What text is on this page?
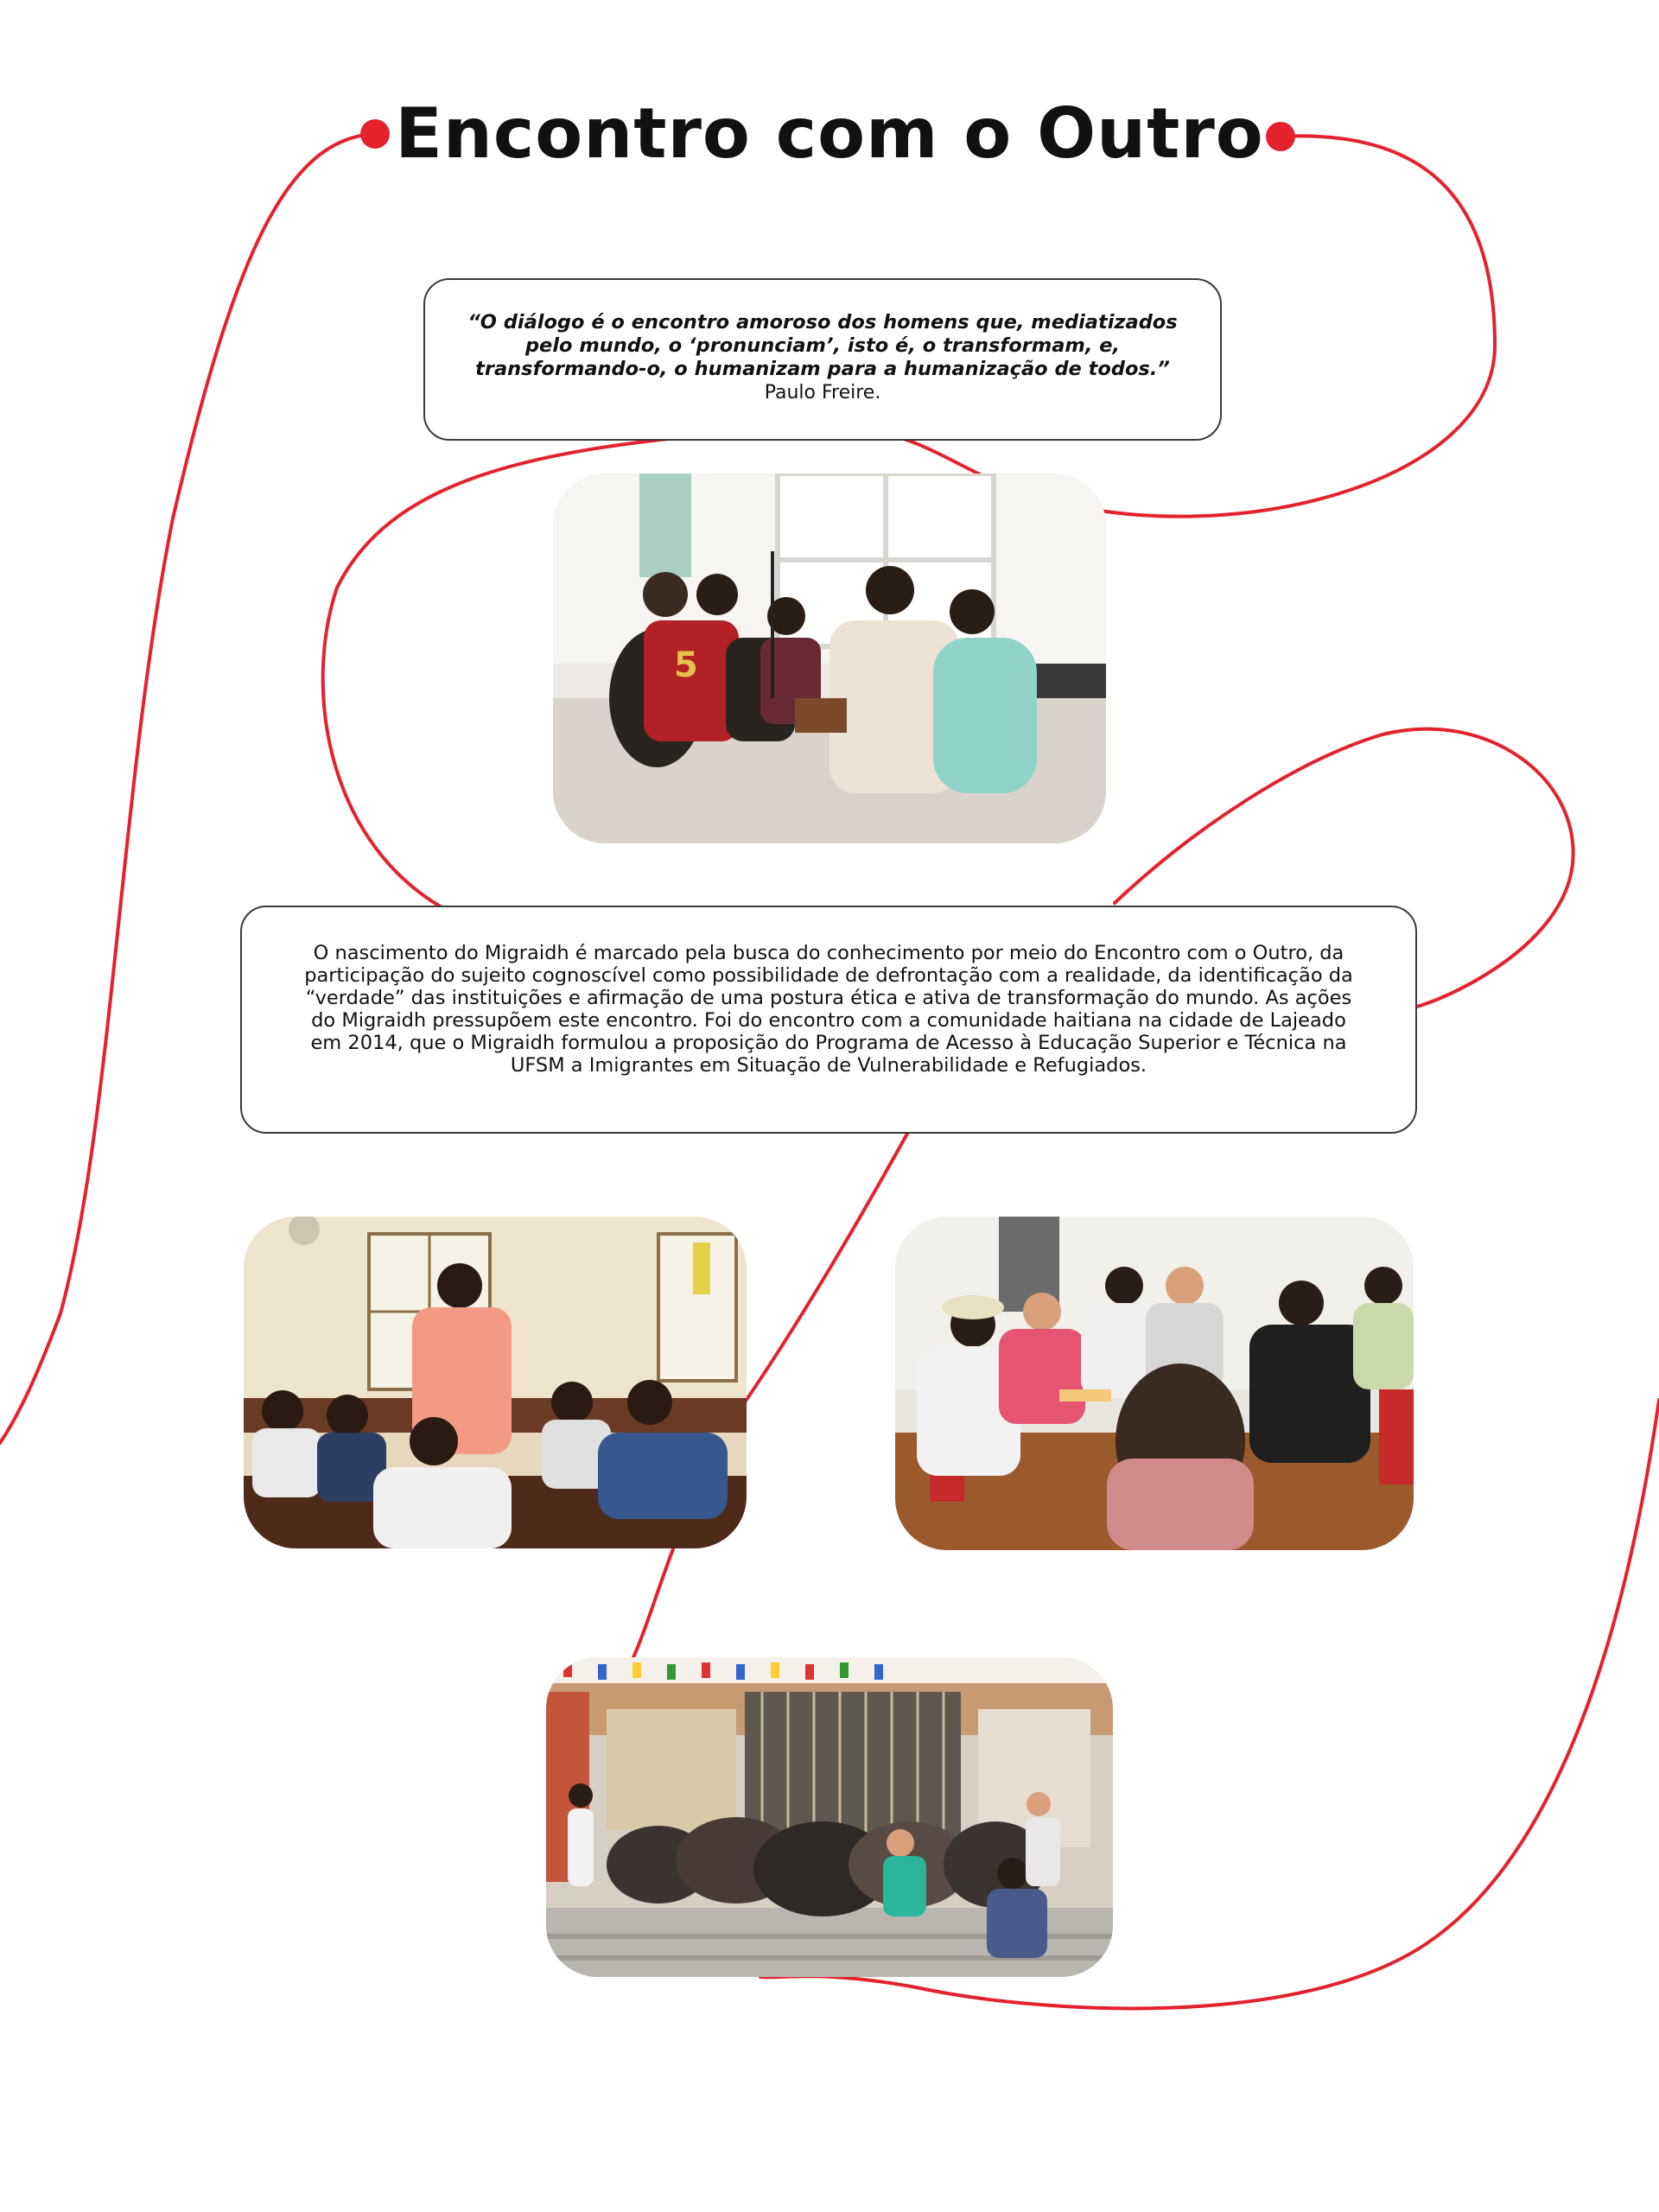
Encontro com o Outro
“O diálogo é o encontro amoroso dos homens que, mediatizados pelo mundo, o ‘pronunciam’, isto é, o transformam, e, transformando-o, o humanizam para a humanização de todos.”
Paulo Freire.
5
O nascimento do Migraidh é marcado pela busca do conhecimento por meio do Encontro com o Outro, da participação do sujeito cognoscível como possibilidade de defrontação com a realidade, da identificação da “verdade” das instituições e afirmação de uma postura ética e ativa de transformação do mundo. As ações do Migraidh pressupõem este encontro. Foi do encontro com a comunidade haitiana na cidade de Lajeado em 2014, que o Migraidh formulou a proposição do Programa de Acesso à Educação Superior e Técnica na UFSM a Imigrantes em Situação de Vulnerabilidade e Refugiados.
